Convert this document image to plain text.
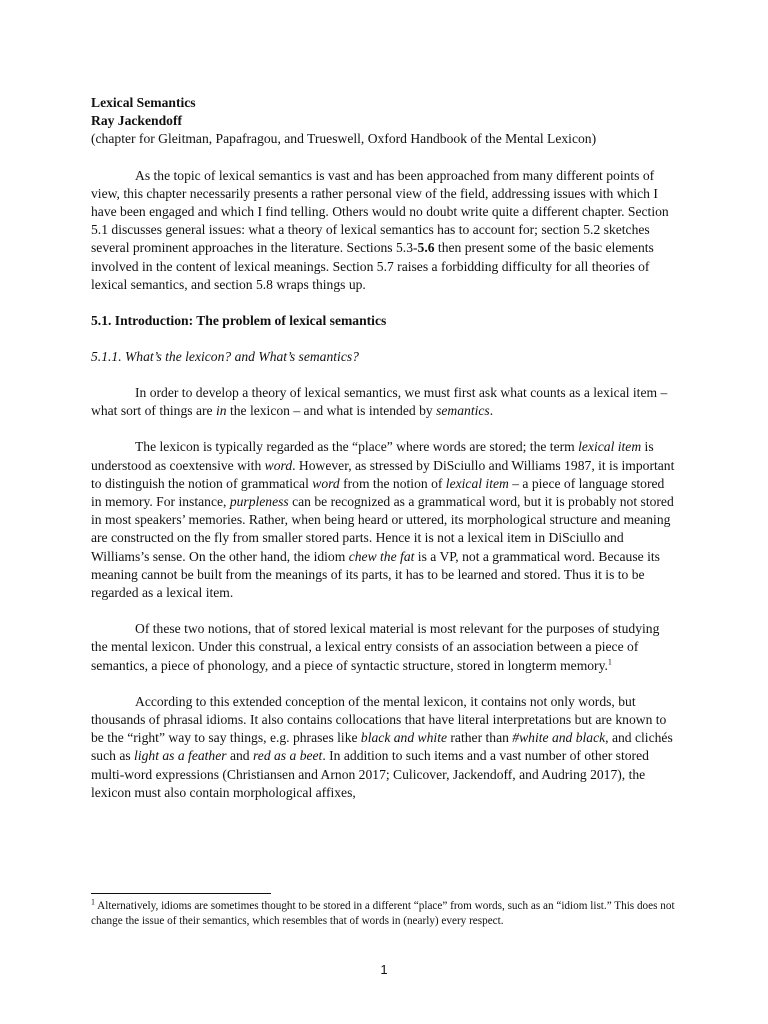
Lexical Semantics
Ray Jackendoff
(chapter for Gleitman, Papafragou, and Trueswell, Oxford Handbook of the Mental Lexicon)

As the topic of lexical semantics is vast and has been approached from many different points of view, this chapter necessarily presents a rather personal view of the field, addressing issues with which I have been engaged and which I find telling. Others would no doubt write quite a different chapter. Section 5.1 discusses general issues: what a theory of lexical semantics has to account for; section 5.2 sketches several prominent approaches in the literature. Sections 5.3-5.6 then present some of the basic elements involved in the content of lexical meanings. Section 5.7 raises a forbidding difficulty for all theories of lexical semantics, and section 5.8 wraps things up.

5.1. Introduction: The problem of lexical semantics
5.1.1. What’s the lexicon? and What’s semantics?

In order to develop a theory of lexical semantics, we must first ask what counts as a lexical item – what sort of things are in the lexicon – and what is intended by semantics.

The lexicon is typically regarded as the “place” where words are stored; the term lexical item is understood as coextensive with word. However, as stressed by DiSciullo and Williams 1987, it is important to distinguish the notion of grammatical word from the notion of lexical item – a piece of language stored in memory. For instance, purpleness can be recognized as a grammatical word, but it is probably not stored in most speakers’ memories. Rather, when being heard or uttered, its morphological structure and meaning are constructed on the fly from smaller stored parts. Hence it is not a lexical item in DiSciullo and Williams’s sense. On the other hand, the idiom chew the fat is a VP, not a grammatical word. Because its meaning cannot be built from the meanings of its parts, it has to be learned and stored. Thus it is to be regarded as a lexical item.

Of these two notions, that of stored lexical material is most relevant for the purposes of studying the mental lexicon. Under this construal, a lexical entry consists of an association between a piece of semantics, a piece of phonology, and a piece of syntactic structure, stored in longterm memory.$^1$

According to this extended conception of the mental lexicon, it contains not only words, but thousands of phrasal idioms. It also contains collocations that have literal interpretations but are known to be the “right” way to say things, e.g. phrases like black and white rather than #white and black, and clichés such as light as a feather and red as a beet. In addition to such items and a vast number of other stored multi-word expressions (Christiansen and Arnon 2017; Culicover, Jackendoff, and Audring 2017), the lexicon must also contain morphological affixes,

$^1$ Alternatively, idioms are sometimes thought to be stored in a different “place” from words, such as an “idiom list.” This does not change the issue of their semantics, which resembles that of words in (nearly) every respect.
1
